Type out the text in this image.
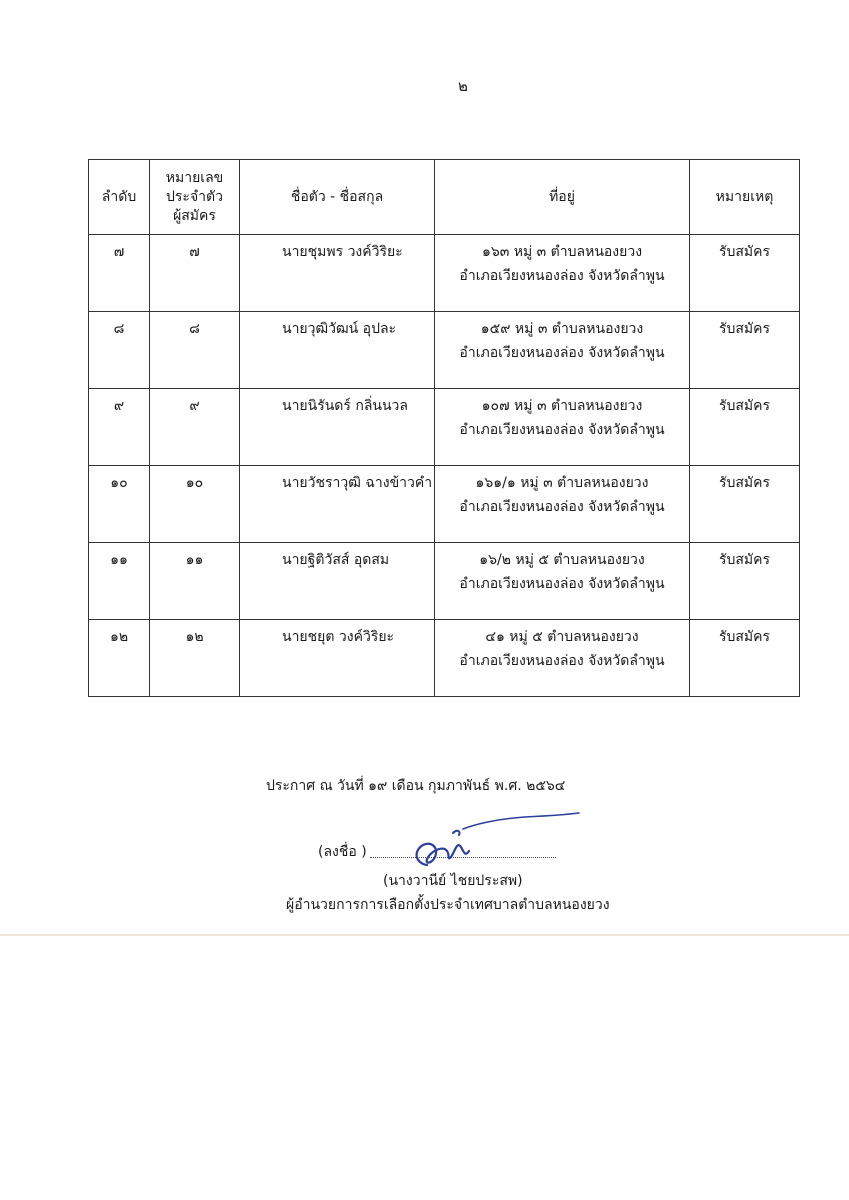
๒
ลำดับ	หมายเลข
ประจำตัว
ผู้สมัคร	ชื่อตัว - ชื่อสกุล	ที่อยู่	หมายเหตุ
๗	๗	นายชุมพร วงค์วิริยะ	๑๖๓ หมู่ ๓ ตำบลหนองยวง
อำเภอเวียงหนองล่อง จังหวัดลำพูน	รับสมัคร
๘	๘	นายวุฒิวัฒน์ อุปละ	๑๕๙ หมู่ ๓ ตำบลหนองยวง
อำเภอเวียงหนองล่อง จังหวัดลำพูน	รับสมัคร
๙	๙	นายนิรันดร์ กลิ่นนวล	๑๐๗ หมู่ ๓ ตำบลหนองยวง
อำเภอเวียงหนองล่อง จังหวัดลำพูน	รับสมัคร
๑๐	๑๐	นายวัชราวุฒิ ฉางข้าวคำ	๑๖๑/๑ หมู่ ๓ ตำบลหนองยวง
อำเภอเวียงหนองล่อง จังหวัดลำพูน	รับสมัคร
๑๑	๑๑	นายฐิติวัสส์ อุดสม	๑๖/๒ หมู่ ๕ ตำบลหนองยวง
อำเภอเวียงหนองล่อง จังหวัดลำพูน	รับสมัคร
๑๒	๑๒	นายชยุต วงค์วิริยะ	๔๑ หมู่ ๕ ตำบลหนองยวง
อำเภอเวียงหนองล่อง จังหวัดลำพูน	รับสมัคร
ประกาศ ณ วันที่ ๑๙ เดือน กุมภาพันธ์ พ.ศ. ๒๕๖๔
(ลงชื่อ )
(นางวานีย์ ไชยประสพ)
ผู้อำนวยการการเลือกตั้งประจำเทศบาลตำบลหนองยวง
